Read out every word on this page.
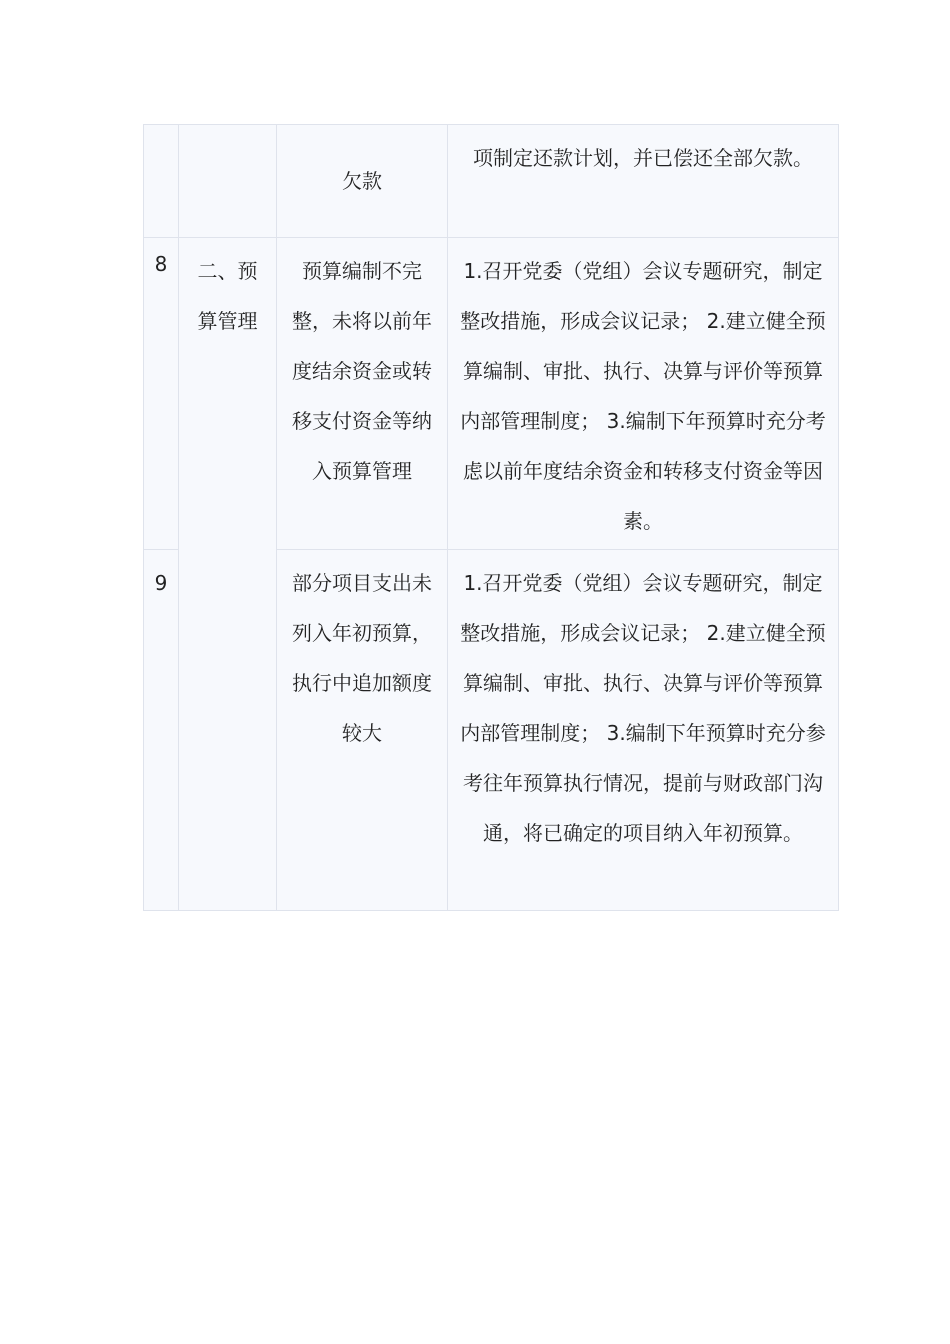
		欠款	项制定还款计划，并已偿还全部欠款。
8	二、预算管理	预算编制不完整，未将以前年度结余资金或转移支付资金等纳入预算管理	1.召开党委（党组）会议专题研究，制定整改措施，形成会议记录； 2.建立健全预算编制、审批、执行、决算与评价等预算内部管理制度； 3.编制下年预算时充分考虑以前年度结余资金和转移支付资金等因素。
9		部分项目支出未列入年初预算，执行中追加额度较大	1.召开党委（党组）会议专题研究，制定整改措施，形成会议记录； 2.建立健全预算编制、审批、执行、决算与评价等预算内部管理制度； 3.编制下年预算时充分参考往年预算执行情况，提前与财政部门沟通，将已确定的项目纳入年初预算。
